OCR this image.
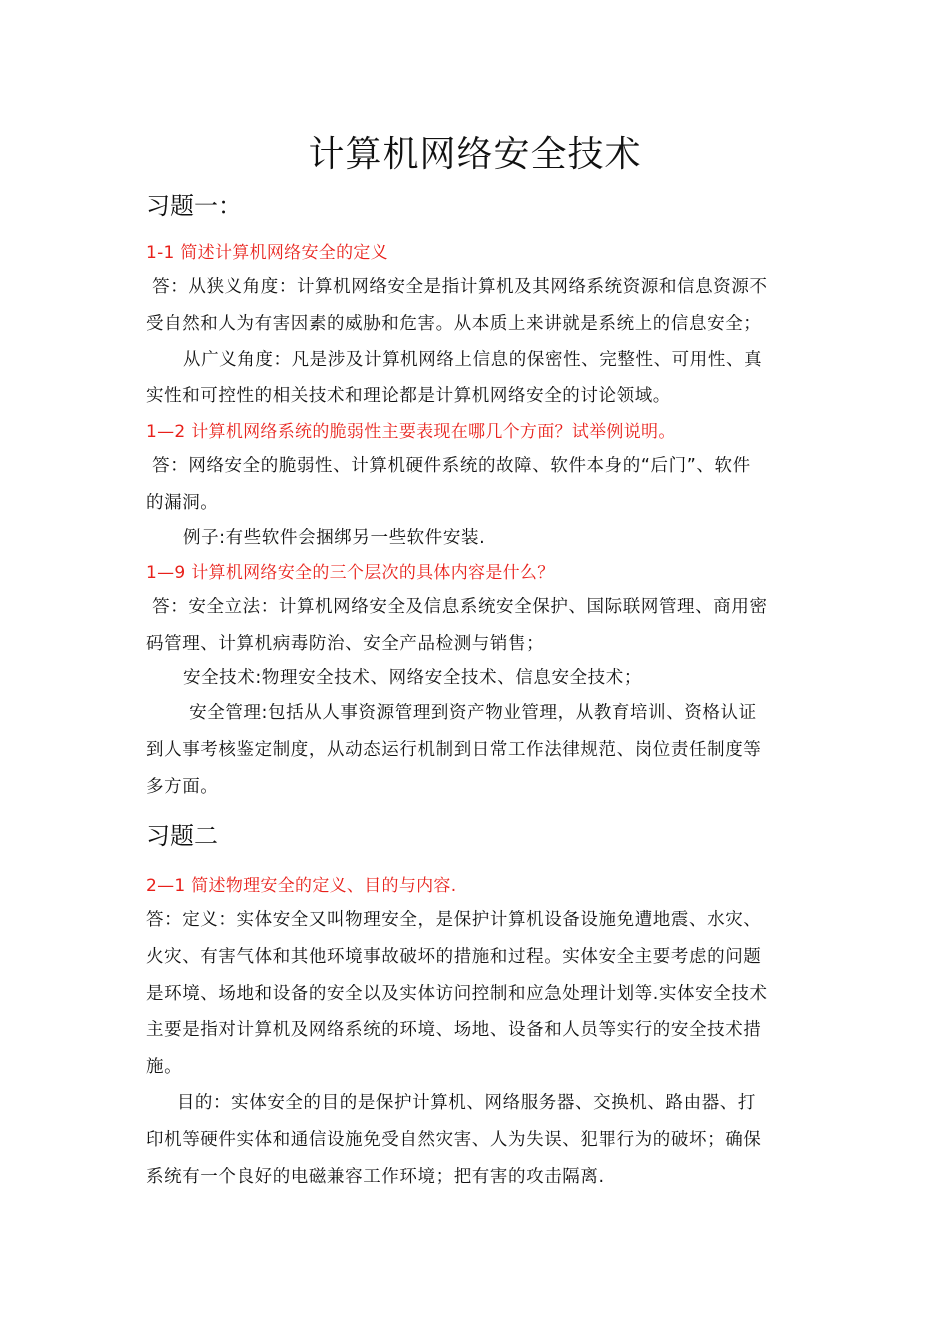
计算机网络安全技术
习题一：
1-1 简述计算机网络安全的定义
答：从狭义角度：计算机网络安全是指计算机及其网络系统资源和信息资源不
受自然和人为有害因素的威胁和危害。从本质上来讲就是系统上的信息安全；
从广义角度：凡是涉及计算机网络上信息的保密性、完整性、可用性、真
实性和可控性的相关技术和理论都是计算机网络安全的讨论领域。
1—2 计算机网络系统的脆弱性主要表现在哪几个方面？试举例说明。
答：网络安全的脆弱性、计算机硬件系统的故障、软件本身的“后门”、软件
的漏洞。
例子:有些软件会捆绑另一些软件安装.
1—9 计算机网络安全的三个层次的具体内容是什么？
答：安全立法：计算机网络安全及信息系统安全保护、国际联网管理、商用密
码管理、计算机病毒防治、安全产品检测与销售；
安全技术:物理安全技术、网络安全技术、信息安全技术；
安全管理:包括从人事资源管理到资产物业管理，从教育培训、资格认证
到人事考核鉴定制度，从动态运行机制到日常工作法律规范、岗位责任制度等
多方面。
习题二
2—1 简述物理安全的定义、目的与内容.
答：定义：实体安全又叫物理安全，是保护计算机设备设施免遭地震、水灾、
火灾、有害气体和其他环境事故破坏的措施和过程。实体安全主要考虑的问题
是环境、场地和设备的安全以及实体访问控制和应急处理计划等.实体安全技术
主要是指对计算机及网络系统的环境、场地、设备和人员等实行的安全技术措
施。
目的：实体安全的目的是保护计算机、网络服务器、交换机、路由器、打
印机等硬件实体和通信设施免受自然灾害、人为失误、犯罪行为的破坏；确保
系统有一个良好的电磁兼容工作环境；把有害的攻击隔离.
